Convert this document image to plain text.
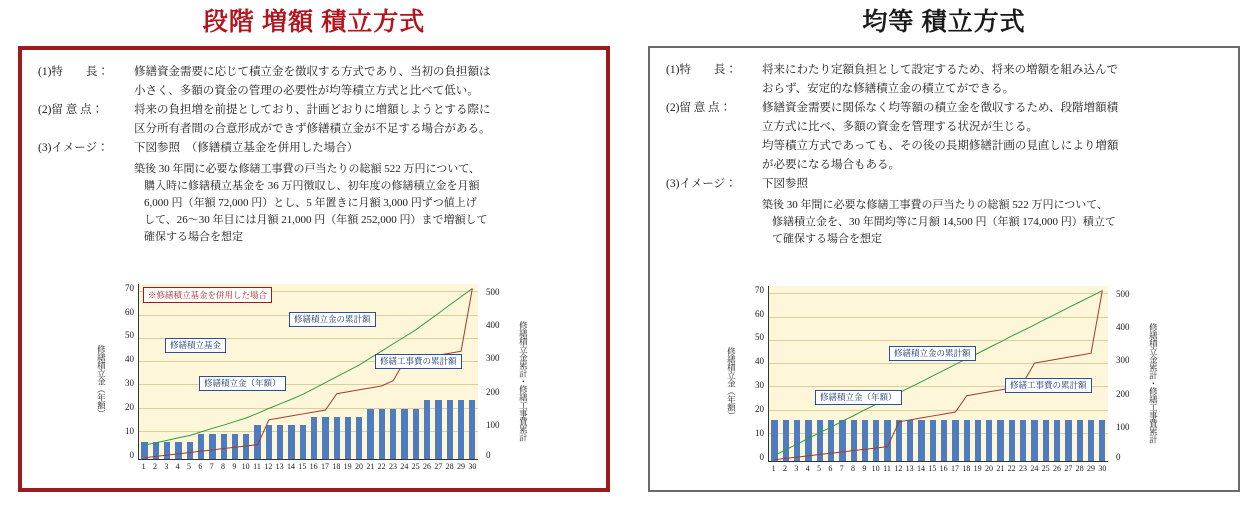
段階 増額 積立方式
(1)特　　長：	修繕資金需要に応じて積立金を徴収する方式であり、当初の負担額は
小さく、多額の資金の管理の必要性が均等積立方式と比べて低い。
(2)留 意 点：	将来の負担増を前提としており、計画どおりに増額しようとする際に
区分所有者間の合意形成ができず修繕積立金が不足する場合がある。
(3)イメージ：	下図参照　（修繕積立基金を併用した場合）
築後 30 年間に必要な修繕工事費の戸当たりの総額 522 万円について、
購入時に修繕積立基金を 36 万円徴収し、初年度の修繕積立金を月額
6,000 円（年額 72,000 円）とし、5 年置きに月額 3,000 円ずつ値上げ
して、26～30 年目には月額 21,000 円（年額 252,000 円）まで増額して
確保する場合を想定
修繕積立金（年額）
70
60
50
40
30
20
10
0
※修繕積立基金を併用した場合
修繕積立基金
修繕積立金の累計額
修繕積立金（年額）
修繕工事費の累計額
500
400
300
200
100
0
1 2 3 4 5 6 7 8 9 10 11 12 13 14 15 16 17 18 19 20 21 22 23 24 25 26 27 28 29 30
修繕積立金累計・修繕工事費累計
均等 積立方式
(1)特　　長：	将来にわたり定額負担として設定するため、将来の増額を組み込んで
おらず、安定的な修繕積立金の積立てができる。
(2)留 意 点：	修繕資金需要に関係なく均等額の積立金を徴収するため、段階増額積
立方式に比べ、多額の資金を管理する状況が生じる。
均等積立方式であっても、その後の長期修繕計画の見直しにより増額
が必要になる場合もある。
(3)イメージ：	下図参照
築後 30 年間に必要な修繕工事費の戸当たりの総額 522 万円について、
修繕積立金を、30 年間均等に月額 14,500 円（年額 174,000 円）積立て
て確保する場合を想定
修繕積立金（年額）
70
60
50
40
30
20
10
0
修繕積立金の累計額
修繕積立金（年額）
修繕工事費の累計額
500
400
300
200
100
0
1 2 3 4 5 6 7 8 9 10 11 12 13 14 15 16 17 18 19 20 21 22 23 24 25 26 27 28 29 30
修繕積立金累計・修繕工事費累計
